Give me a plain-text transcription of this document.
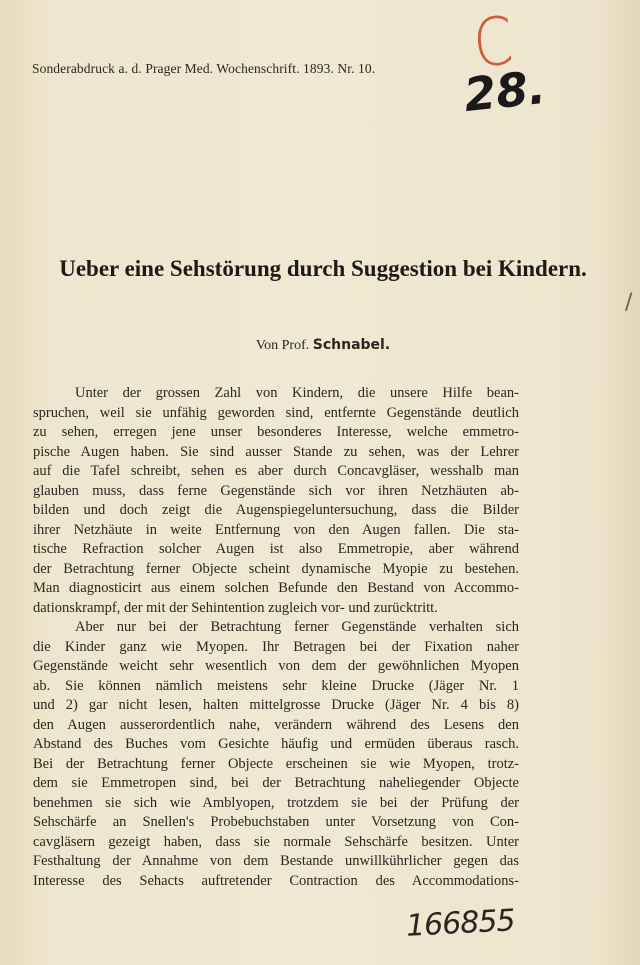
Sonderabdruck a. d. Prager Med. Wochenschrift. 1893. Nr. 10. C
28.
/
Ueber eine Sehstörung durch Suggestion bei Kindern.
Von Prof. Schnabel.
Unter der grossen Zahl von Kindern, die unsere Hilfe bean-
spruchen, weil sie unfähig geworden sind, entfernte Gegenstände deutlich
zu sehen, erregen jene unser besonderes Interesse, welche emmetro-
pische Augen haben. Sie sind ausser Stande zu sehen, was der Lehrer
auf die Tafel schreibt, sehen es aber durch Concavgläser, wesshalb man
glauben muss, dass ferne Gegenstände sich vor ihren Netzhäuten ab-
bilden und doch zeigt die Augenspiegeluntersuchung, dass die Bilder
ihrer Netzhäute in weite Entfernung von den Augen fallen. Die sta-
tische Refraction solcher Augen ist also Emmetropie, aber während
der Betrachtung ferner Objecte scheint dynamische Myopie zu bestehen.
Man diagnosticirt aus einem solchen Befunde den Bestand von Accommo-
dationskrampf, der mit der Sehintention zugleich vor- und zurücktritt.
Aber nur bei der Betrachtung ferner Gegenstände verhalten sich
die Kinder ganz wie Myopen. Ihr Betragen bei der Fixation naher
Gegenstände weicht sehr wesentlich von dem der gewöhnlichen Myopen
ab. Sie können nämlich meistens sehr kleine Drucke (Jäger Nr. 1
und 2) gar nicht lesen, halten mittelgrosse Drucke (Jäger Nr. 4 bis 8)
den Augen ausserordentlich nahe, verändern während des Lesens den
Abstand des Buches vom Gesichte häufig und ermüden überaus rasch.
Bei der Betrachtung ferner Objecte erscheinen sie wie Myopen, trotz-
dem sie Emmetropen sind, bei der Betrachtung naheliegender Objecte
benehmen sie sich wie Amblyopen, trotzdem sie bei der Prüfung der
Sehschärfe an Snellen's Probebuchstaben unter Vorsetzung von Con-
cavgläsern gezeigt haben, dass sie normale Sehschärfe besitzen. Unter
Festhaltung der Annahme von dem Bestande unwillkührlicher gegen das
Interesse des Sehacts auftretender Contraction des Accommodations-
166855
